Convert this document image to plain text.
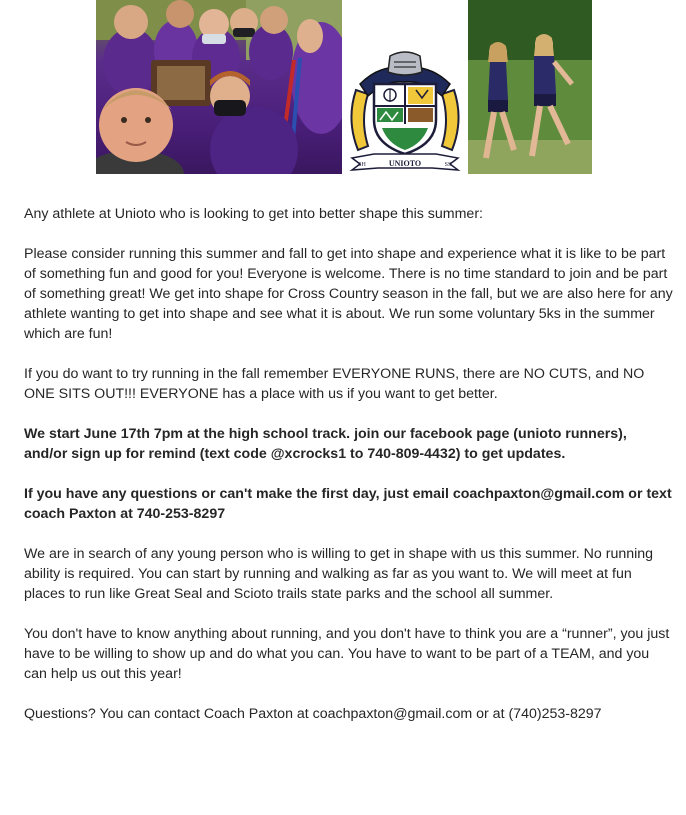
UNIOTO
SH	SS

Any athlete at Unioto who is looking to get into better shape this summer:

Please consider running this summer and fall to get into shape and experience what it is like to be part of something fun and good for you! Everyone is welcome. There is no time standard to join and be part of something great! We get into shape for Cross Country season in the fall, but we are also here for any athlete wanting to get into shape and see what it is about. We run some voluntary 5ks in the summer which are fun!

If you do want to try running in the fall remember EVERYONE RUNS, there are NO CUTS, and NO ONE SITS OUT!!! EVERYONE has a place with us if you want to get better.

We start June 17th 7pm at the high school track. join our facebook page (unioto runners), and/or sign up for remind (text code @xcrocks1 to 740-809-4432) to get updates.

If you have any questions or can't make the first day, just email coachpaxton@gmail.com or text coach Paxton at 740-253-8297

We are in search of any young person who is willing to get in shape with us this summer. No running ability is required. You can start by running and walking as far as you want to. We will meet at fun places to run like Great Seal and Scioto trails state parks and the school all summer.

You don't have to know anything about running, and you don't have to think you are a “runner”, you just have to be willing to show up and do what you can. You have to want to be part of a TEAM, and you can help us out this year!

Questions? You can contact Coach Paxton at coachpaxton@gmail.com or at (740)253-8297
